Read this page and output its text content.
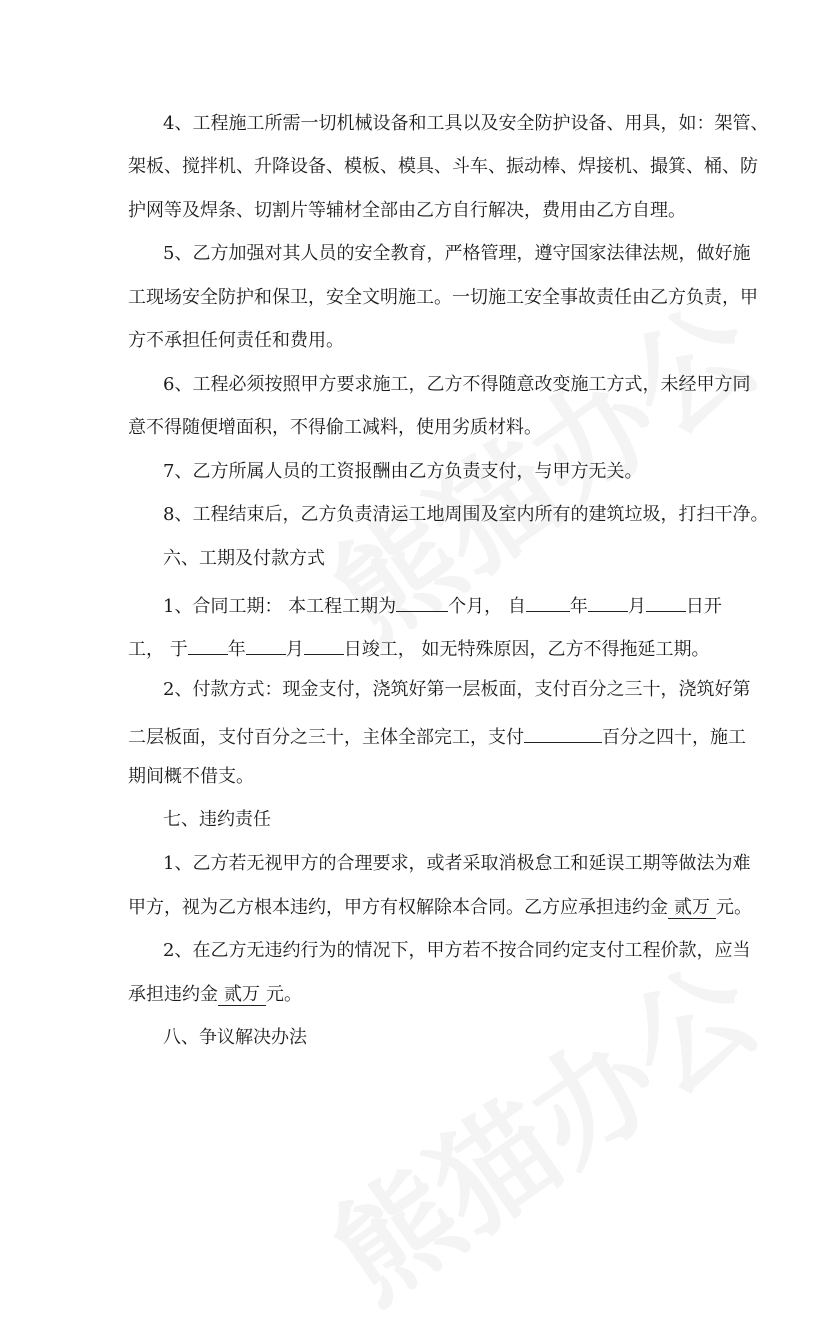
4、工程施工所需一切机械设备和工具以及安全防护设备、用具，如：架管、
架板、搅拌机、升降设备、模板、模具、斗车、振动棒、焊接机、撮箕、桶、防
护网等及焊条、切割片等辅材全部由乙方自行解决，费用由乙方自理。
5、乙方加强对其人员的安全教育，严格管理，遵守国家法律法规，做好施
工现场安全防护和保卫，安全文明施工。一切施工安全事故责任由乙方负责，甲
方不承担任何责任和费用。
6、工程必须按照甲方要求施工，乙方不得随意改变施工方式，未经甲方同
意不得随便增面积，不得偷工减料，使用劣质材料。
7、乙方所属人员的工资报酬由乙方负责支付，与甲方无关。
8、工程结束后，乙方负责清运工地周围及室内所有的建筑垃圾，打扫干净。
六、工期及付款方式
1、合同工期： 本工程工期为	个月， 自 年 月 日开
工， 于 年 月 日竣工， 如无特殊原因，乙方不得拖延工期。
2、付款方式：现金支付，浇筑好第一层板面，支付百分之三十，浇筑好第
二层板面，支付百分之三十，主体全部完工，支付	百分之四十，施工
期间概不借支。
七、违约责任
1、乙方若无视甲方的合理要求，或者采取消极怠工和延误工期等做法为难
甲方，视为乙方根本违约，甲方有权解除本合同。乙方应承担违约金 贰万 元。
2、在乙方无违约行为的情况下，甲方若不按合同约定支付工程价款，应当
承担违约金 贰万 元。
八、争议解决办法
